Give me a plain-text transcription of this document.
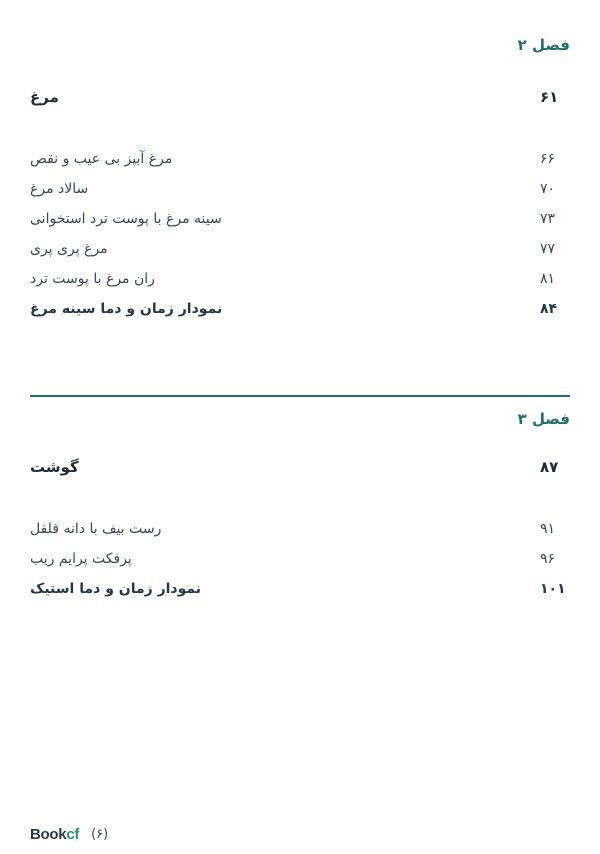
فصل ۲
مرغ	۶۱
مرغ آبپز بی عیب و نقص	۶۶
سالاد مرغ	۷۰
سینه مرغ با پوست ترد استخوانی	۷۳
مرغ پری پری	۷۷
ران مرغ با پوست ترد	۸۱
نمودار زمان و دما سینه مرغ	۸۴
فصل ۳
گوشت	۸۷
رست بیف با دانه فلفل	۹۱
پرفکت پرایم ریب	۹۶
نمودار زمان و دما استیک	۱۰۱
Bookcf (۶)
